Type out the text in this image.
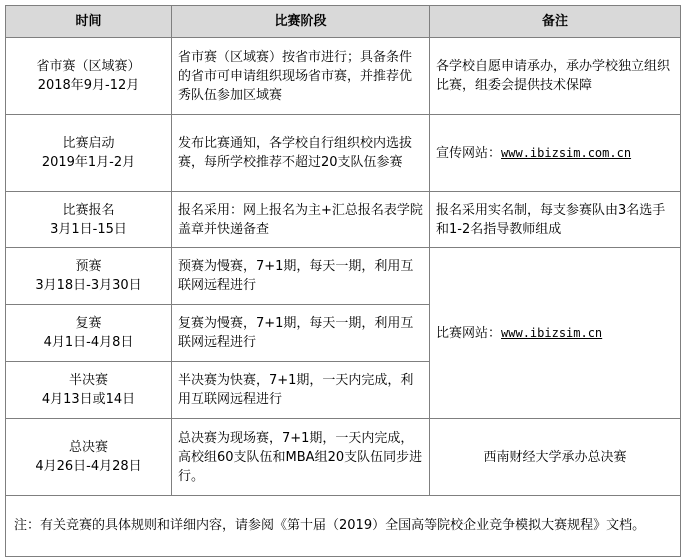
时间	比赛阶段	备注

省市赛（区域赛）
2018年9月-12月	省市赛（区域赛）按省市进行；具备条件的省市可申请组织现场省市赛，并推荐优秀队伍参加区域赛	各学校自愿申请承办，承办学校独立组织比赛，组委会提供技术保障

比赛启动
2019年1月-2月	发布比赛通知，各学校自行组织校内选拔赛，每所学校推荐不超过20支队伍参赛	宣传网站：www.ibizsim.com.cn

比赛报名
3月1日-15日	报名采用：网上报名为主+汇总报名表学院盖章并快递备查	报名采用实名制，每支参赛队由3名选手和1-2名指导教师组成

预赛
3月18日-3月30日	预赛为慢赛，7+1期，每天一期，利用互联网远程进行	比赛网站：www.ibizsim.cn

复赛
4月1日-4月8日	复赛为慢赛，7+1期，每天一期，利用互联网远程进行	

半决赛
4月13日或14日	半决赛为快赛，7+1期，一天内完成，利用互联网远程进行	

总决赛
4月26日-4月28日	总决赛为现场赛，7+1期，一天内完成，高校组60支队伍和MBA组20支队伍同步进行。	西南财经大学承办总决赛
注：有关竞赛的具体规则和详细内容，请参阅《第十届（2019）全国高等院校企业竞争模拟大赛规程》文档。		
